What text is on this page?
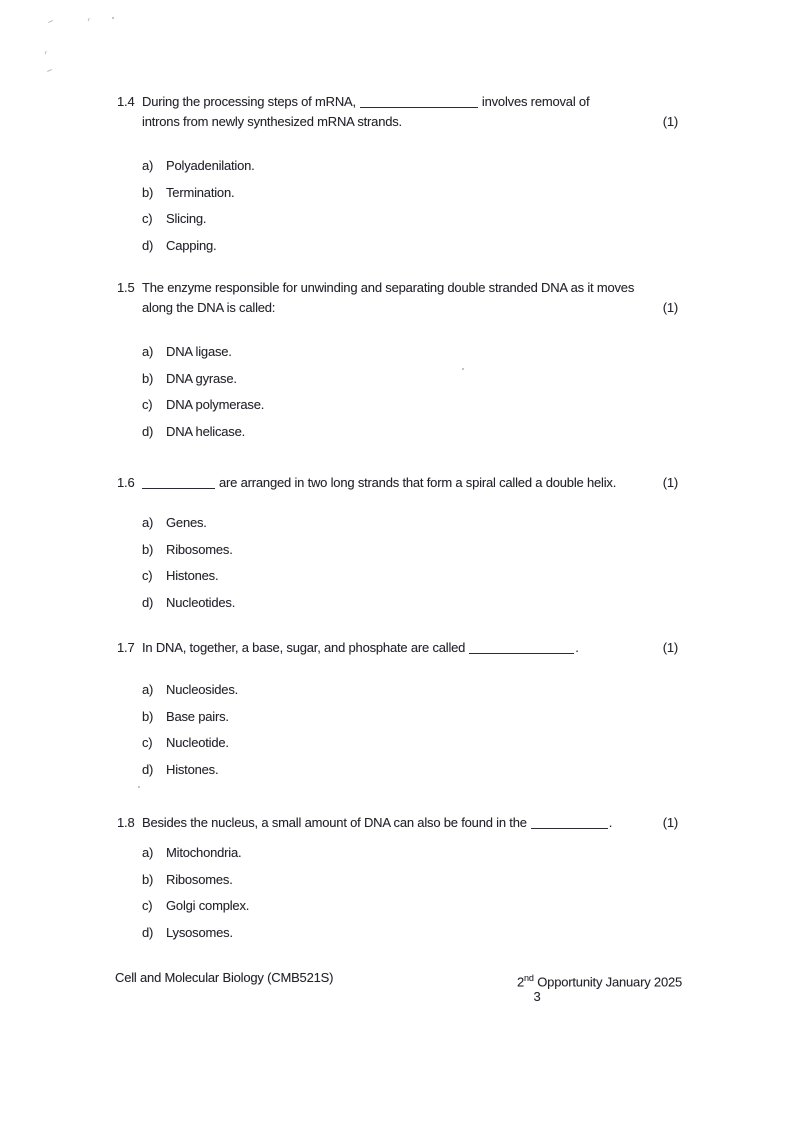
1.4 During the processing steps of mRNA,	involves removal of
introns from newly synthesized mRNA strands.	(1)
a) Polyadenilation.
b) Termination.
c) Slicing.
d) Capping.
1.5 The enzyme responsible for unwinding and separating double stranded DNA as it moves
along the DNA is called:	(1)
a) DNA ligase.
b) DNA gyrase.
c) DNA polymerase.
d) DNA helicase.
1.6	are arranged in two long strands that form a spiral called a double helix.	(1)
a) Genes.
b) Ribosomes.
c) Histones.
d) Nucleotides.
1.7 In DNA, together, a base, sugar, and phosphate are called	.	(1)
a) Nucleosides.
b) Base pairs.
c) Nucleotide.
d) Histones.
1.8 Besides the nucleus, a small amount of DNA can also be found in the	.	(1)
a) Mitochondria.
b) Ribosomes.
c) Golgi complex.
d) Lysosomes.
Cell and Molecular Biology (CMB521S)	2nd Opportunity January 2025
3
